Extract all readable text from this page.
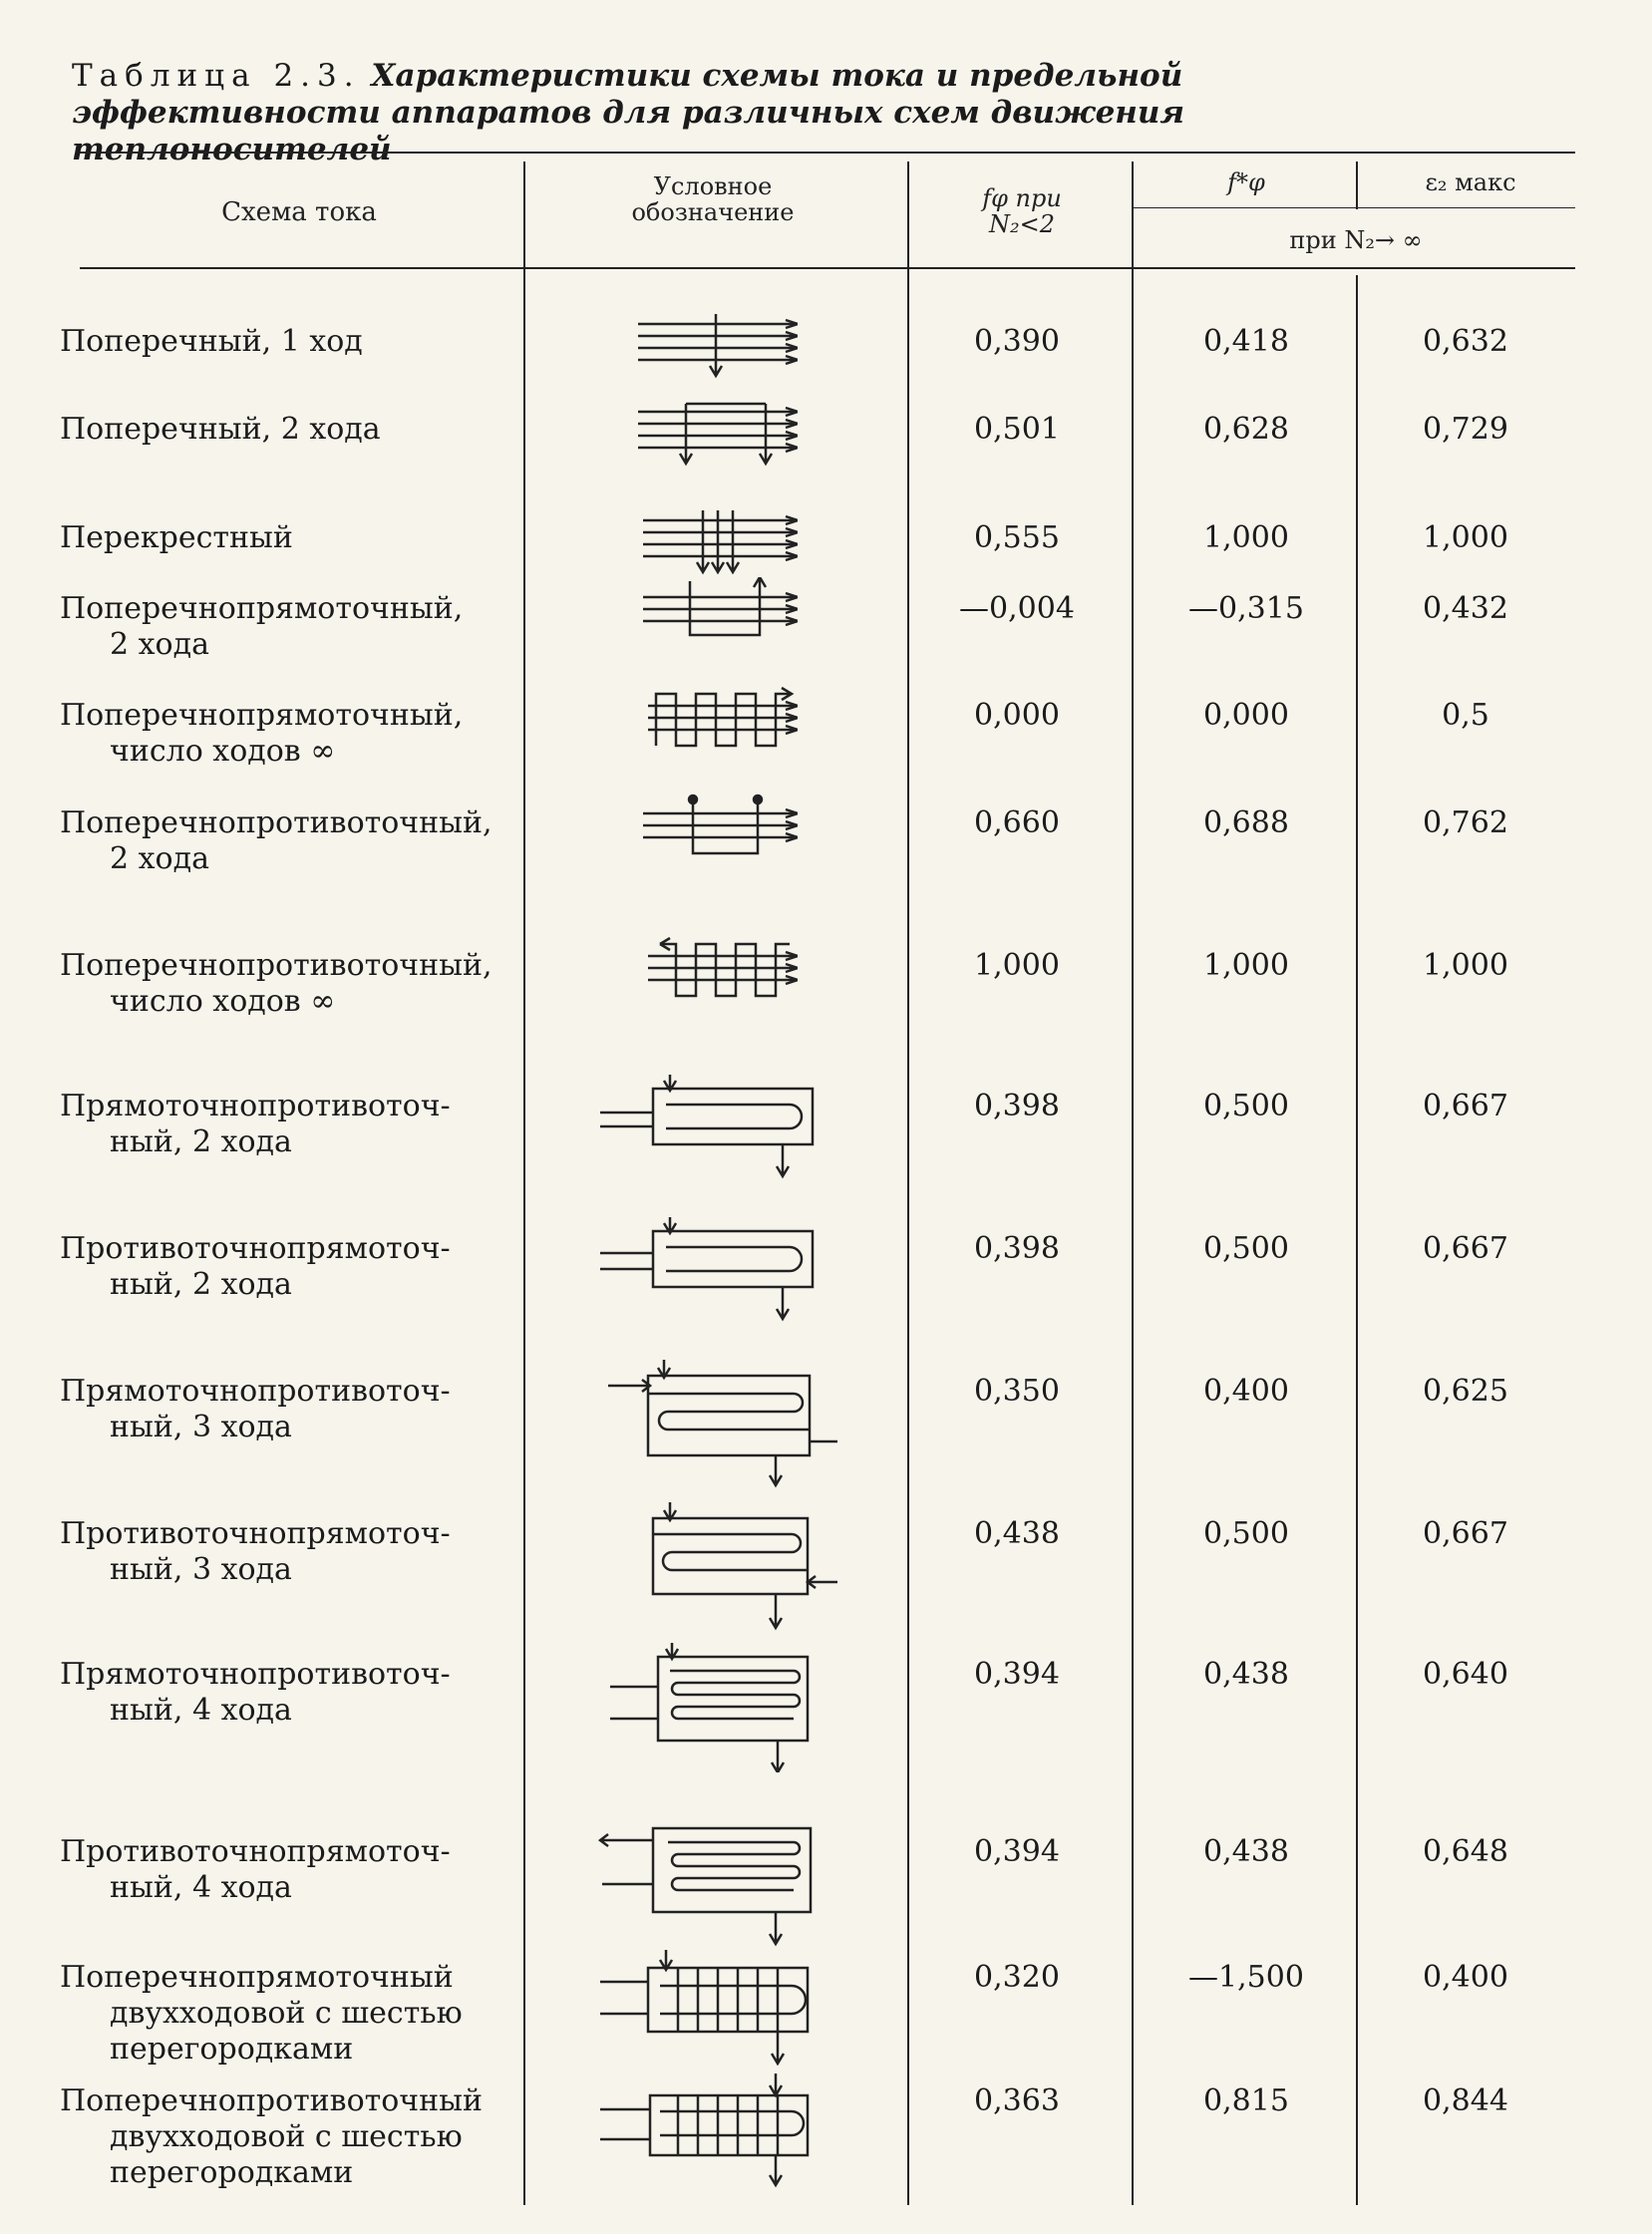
Таблица 2.3. Характеристики схемы тока и предельной эффективности аппаратов для различных схем движения теплоносителей
Схема тока
Условное обозначение	fφ при N₂<2
f*φ	ε₂ макс
при N₂→ ∞
Поперечный, 1 ход	0,390	0,418	0,632
Поперечный, 2 хода	0,501	0,628	0,729
Перекрестный	0,555	1,000	1,000
Поперечнопрямоточный,
2 хода
—0,004	—0,315	0,432
Поперечнопрямоточный,
число ходов ∞
0,000	0,000	0,5
Поперечнопротивоточный,
2 хода
0,660	0,688	0,762
Поперечнопротивоточный,
число ходов ∞
1,000	1,000	1,000
Прямоточнопротивоточ-
ный, 2 хода
0,398	0,500	0,667
Противоточнопрямоточ-
ный, 2 хода
0,398	0,500	0,667
Прямоточнопротивоточ-
ный, 3 хода
0,350	0,400	0,625
Противоточнопрямоточ-
ный, 3 хода
0,438	0,500	0,667
Прямоточнопротивоточ-
ный, 4 хода
0,394	0,438	0,640
Противоточнопрямоточ-
ный, 4 хода
0,394	0,438	0,648
Поперечнопрямоточный
двухходовой с шестью перегородками
0,320	—1,500	0,400
Поперечнопротивоточный
двухходовой с шестью перегородками
0,363	0,815	0,844
